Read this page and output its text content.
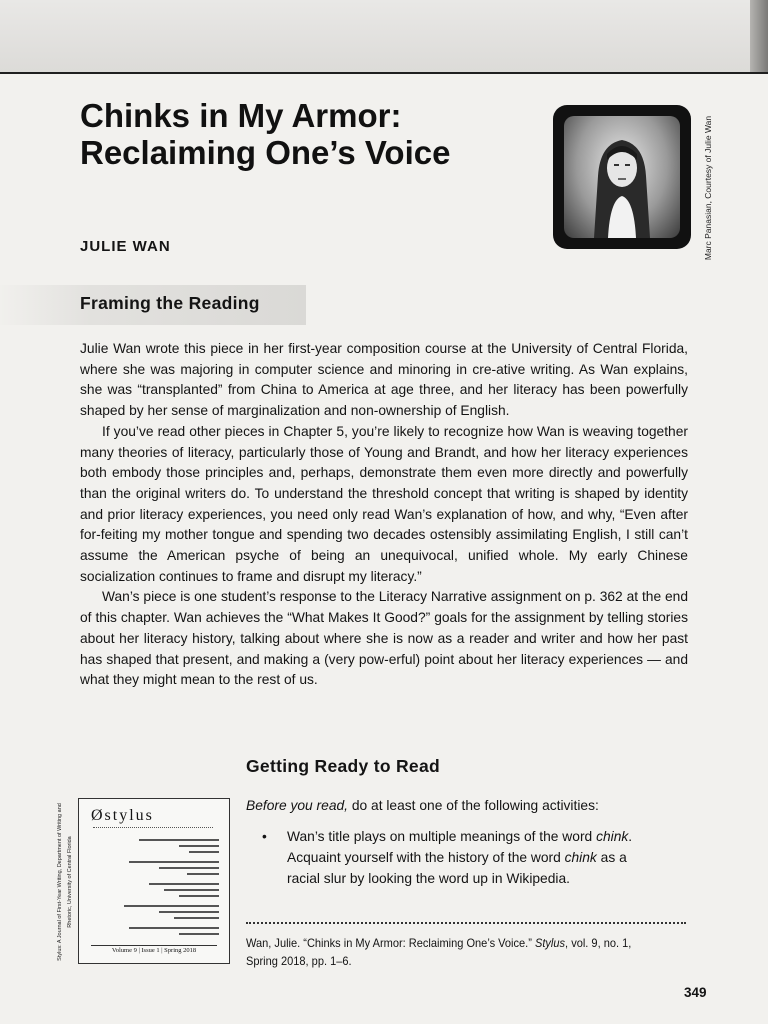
Chinks in My Armor: Reclaiming One’s Voice

JULIE WAN	Marc Panasian, Courtesy of Julie Wan
Framing the Reading

Julie Wan wrote this piece in her first-year composition course at the University of Central Florida, where she was majoring in computer science and minoring in cre-ative writing. As Wan explains, she was “transplanted” from China to America at age three, and her literacy has been powerfully shaped by her sense of marginalization and non-ownership of English.

If you’ve read other pieces in Chapter 5, you’re likely to recognize how Wan is weaving together many theories of literacy, particularly those of Young and Brandt, and how her literacy experiences both embody those principles and, perhaps, demonstrate them even more directly and powerfully than the original writers do. To understand the threshold concept that writing is shaped by identity and prior literacy experiences, you need only read Wan’s explanation of how, and why, “Even after for-feiting my mother tongue and spending two decades ostensibly assimilating English, I still can’t assume the American psyche of being an unequivocal, unified whole. My early Chinese socialization continues to frame and disrupt my literacy.”

Wan’s piece is one student’s response to the Literacy Narrative assignment on p. 362 at the end of this chapter. Wan achieves the “What Makes It Good?” goals for the assignment by telling stories about her literacy history, talking about where she is now as a reader and writer and how her past has shaped that present, and making a (very pow-erful) point about her literacy experiences — and what they might mean to the rest of us.

Getting Ready to Read
Østylus
Volume 9 | Issue 1 | Spring 2018
Stylus: A Journal of First-Year Writing, Department of Writing and Rhetoric, University of Central Florida

Before you read, do at least one of the following activities:

• Wan’s title plays on multiple meanings of the word chink. Acquaint yourself with the history of the word chink as a racial slur by looking the word up in Wikipedia.

Wan, Julie. “Chinks in My Armor: Reclaiming One’s Voice.” Stylus, vol. 9, no. 1, Spring 2018, pp. 1–6.

349
